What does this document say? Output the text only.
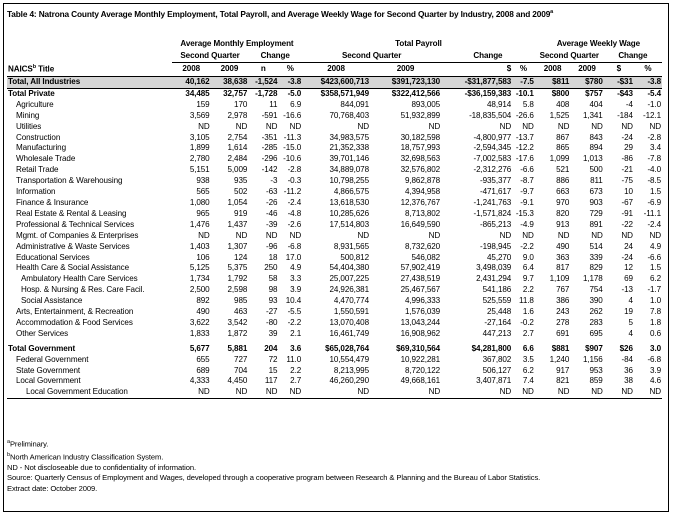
Table 4: Natrona County Average Monthly Employment, Total Payroll, and Average Weekly Wage for Second Quarter by Industry, 2008 and 2009$^a$
	Average Monthly Employment				Total Payroll				Average Weekly Wage			
	Second Quarter		Change		Second Quarter		Change		Second Quarter		Change	
NAICS$^b$ Title	2008	2009	n	%	2008	2009	$	%	2008	2009	$	%
Total, All Industries	40,162	38,638	-1,524	-3.8	$423,600,713	$391,723,130	-$31,877,583	-7.5	$811	$780	-$31	-3.8
Total Private	34,485	32,757	-1,728	-5.0	$358,571,949	$322,412,566	-$36,159,383	-10.1	$800	$757	-$43	-5.4
Agriculture	159	170	11	6.9	844,091	893,005	48,914	5.8	408	404	-4	-1.0
Mining	3,569	2,978	-591	-16.6	70,768,403	51,932,899	-18,835,504	-26.6	1,525	1,341	-184	-12.1
Utilities	ND	ND	ND	ND	ND	ND	ND	ND	ND	ND	ND	ND
Construction	3,105	2,754	-351	-11.3	34,983,575	30,182,598	-4,800,977	-13.7	867	843	-24	-2.8
Manufacturing	1,899	1,614	-285	-15.0	21,352,338	18,757,993	-2,594,345	-12.2	865	894	29	3.4
Wholesale Trade	2,780	2,484	-296	-10.6	39,701,146	32,698,563	-7,002,583	-17.6	1,099	1,013	-86	-7.8
Retail Trade	5,151	5,009	-142	-2.8	34,889,078	32,576,802	-2,312,276	-6.6	521	500	-21	-4.0
Transportation & Warehousing	938	935	-3	-0.3	10,798,255	9,862,878	-935,377	-8.7	886	811	-75	-8.5
Information	565	502	-63	-11.2	4,866,575	4,394,958	-471,617	-9.7	663	673	10	1.5
Finance & Insurance	1,080	1,054	-26	-2.4	13,618,530	12,376,767	-1,241,763	-9.1	970	903	-67	-6.9
Real Estate & Rental & Leasing	965	919	-46	-4.8	10,285,626	8,713,802	-1,571,824	-15.3	820	729	-91	-11.1
Professional & Technical Services	1,476	1,437	-39	-2.6	17,514,803	16,649,590	-865,213	-4.9	913	891	-22	-2.4
Mgmt. of Companies & Enterprises	ND	ND	ND	ND	ND	ND	ND	ND	ND	ND	ND	ND
Administrative & Waste Services	1,403	1,307	-96	-6.8	8,931,565	8,732,620	-198,945	-2.2	490	514	24	4.9
Educational Services	106	124	18	17.0	500,812	546,082	45,270	9.0	363	339	-24	-6.6
Health Care & Social Assistance	5,125	5,375	250	4.9	54,404,380	57,902,419	3,498,039	6.4	817	829	12	1.5
Ambulatory Health Care Services	1,734	1,792	58	3.3	25,007,225	27,438,519	2,431,294	9.7	1,109	1,178	69	6.2
Hosp. & Nursing & Res. Care Facil.	2,500	2,598	98	3.9	24,926,381	25,467,567	541,186	2.2	767	754	-13	-1.7
Social Assistance	892	985	93	10.4	4,470,774	4,996,333	525,559	11.8	386	390	4	1.0
Arts, Entertainment, & Recreation	490	463	-27	-5.5	1,550,591	1,576,039	25,448	1.6	243	262	19	7.8
Accommodation & Food Services	3,622	3,542	-80	-2.2	13,070,408	13,043,244	-27,164	-0.2	278	283	5	1.8
Other Services	1,833	1,872	39	2.1	16,461,749	16,908,962	447,213	2.7	691	695	4	0.6

Total Government	5,677	5,881	204	3.6	$65,028,764	$69,310,564	$4,281,800	6.6	$881	$907	$26	3.0
Federal Government	655	727	72	11.0	10,554,479	10,922,281	367,802	3.5	1,240	1,156	-84	-6.8
State Government	689	704	15	2.2	8,213,995	8,720,122	506,127	6.2	917	953	36	3.9
Local Government	4,333	4,450	117	2.7	46,260,290	49,668,161	3,407,871	7.4	821	859	38	4.6
Local Government Education	ND	ND	ND	ND	ND	ND	ND	ND	ND	ND	ND	ND
$^a$Preliminary.
$^b$North American Industry Classification System.
ND - Not discloseable due to confidentiality of information.
Source: Quarterly Census of Employment and Wages, developed through a cooperative program between Research & Planning and the Bureau of Labor Statistics.
Extract date: October 2009.
